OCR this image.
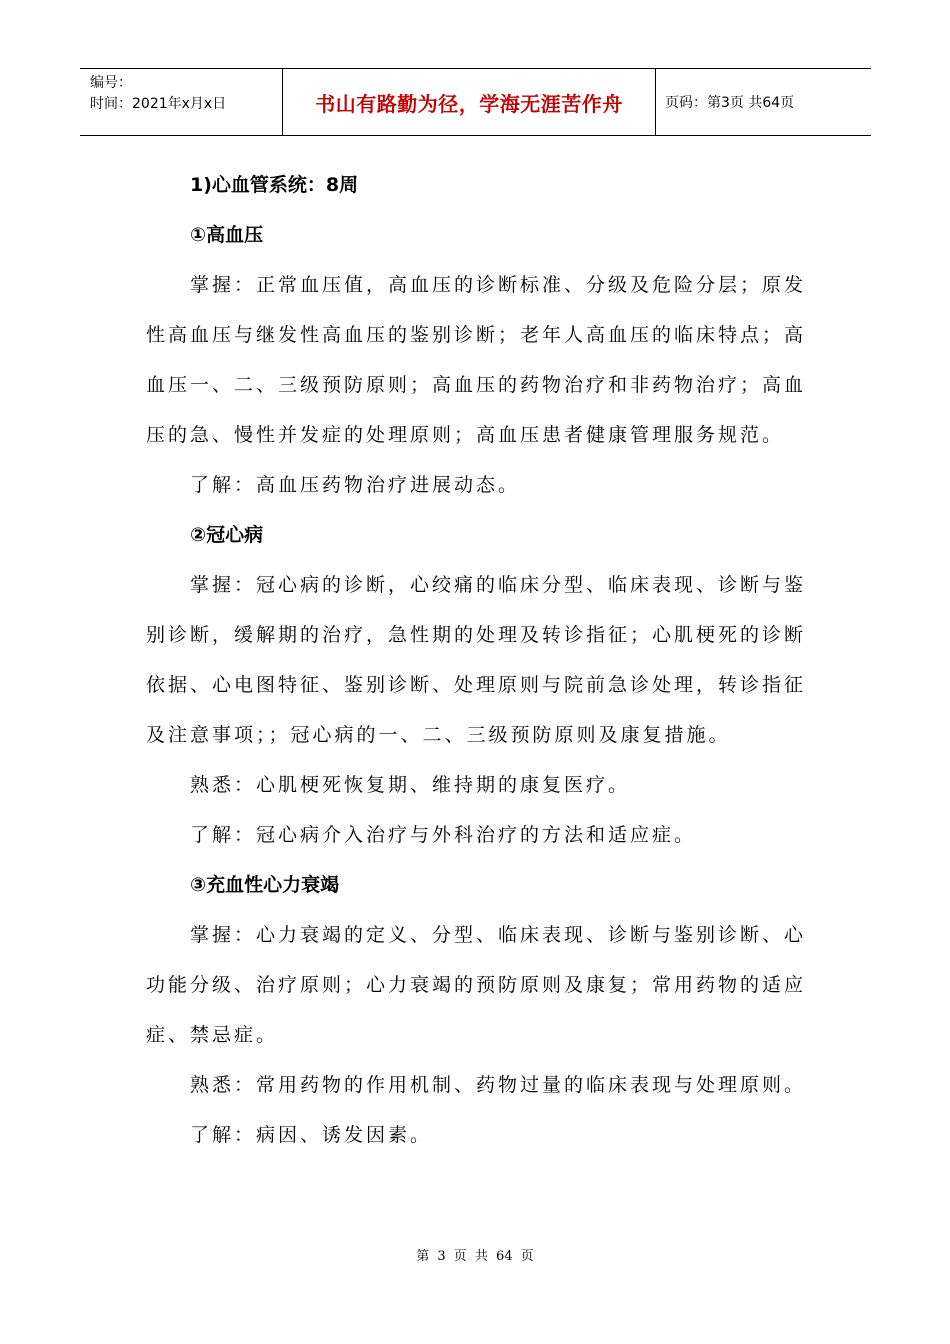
编号：
时间：2021年x月x日	书山有路勤为径，学海无涯苦作舟	页码：第3页 共64页
1)心血管系统：8周
①高血压
掌握：正常血压值，高血压的诊断标准、分级及危险分层；原发性高血压与继发性高血压的鉴别诊断；老年人高血压的临床特点；高血压一、二、三级预防原则；高血压的药物治疗和非药物治疗；高血压的急、慢性并发症的处理原则；高血压患者健康管理服务规范。
了解：高血压药物治疗进展动态。
②冠心病
掌握：冠心病的诊断，心绞痛的临床分型、临床表现、诊断与鉴别诊断，缓解期的治疗，急性期的处理及转诊指征；心肌梗死的诊断依据、心电图特征、鉴别诊断、处理原则与院前急诊处理，转诊指征及注意事项；；冠心病的一、二、三级预防原则及康复措施。
熟悉：心肌梗死恢复期、维持期的康复医疗。
了解：冠心病介入治疗与外科治疗的方法和适应症。
③充血性心力衰竭
掌握：心力衰竭的定义、分型、临床表现、诊断与鉴别诊断、心功能分级、治疗原则；心力衰竭的预防原则及康复；常用药物的适应症、禁忌症。
熟悉：常用药物的作用机制、药物过量的临床表现与处理原则。
了解：病因、诱发因素。
第 3 页 共 64 页
